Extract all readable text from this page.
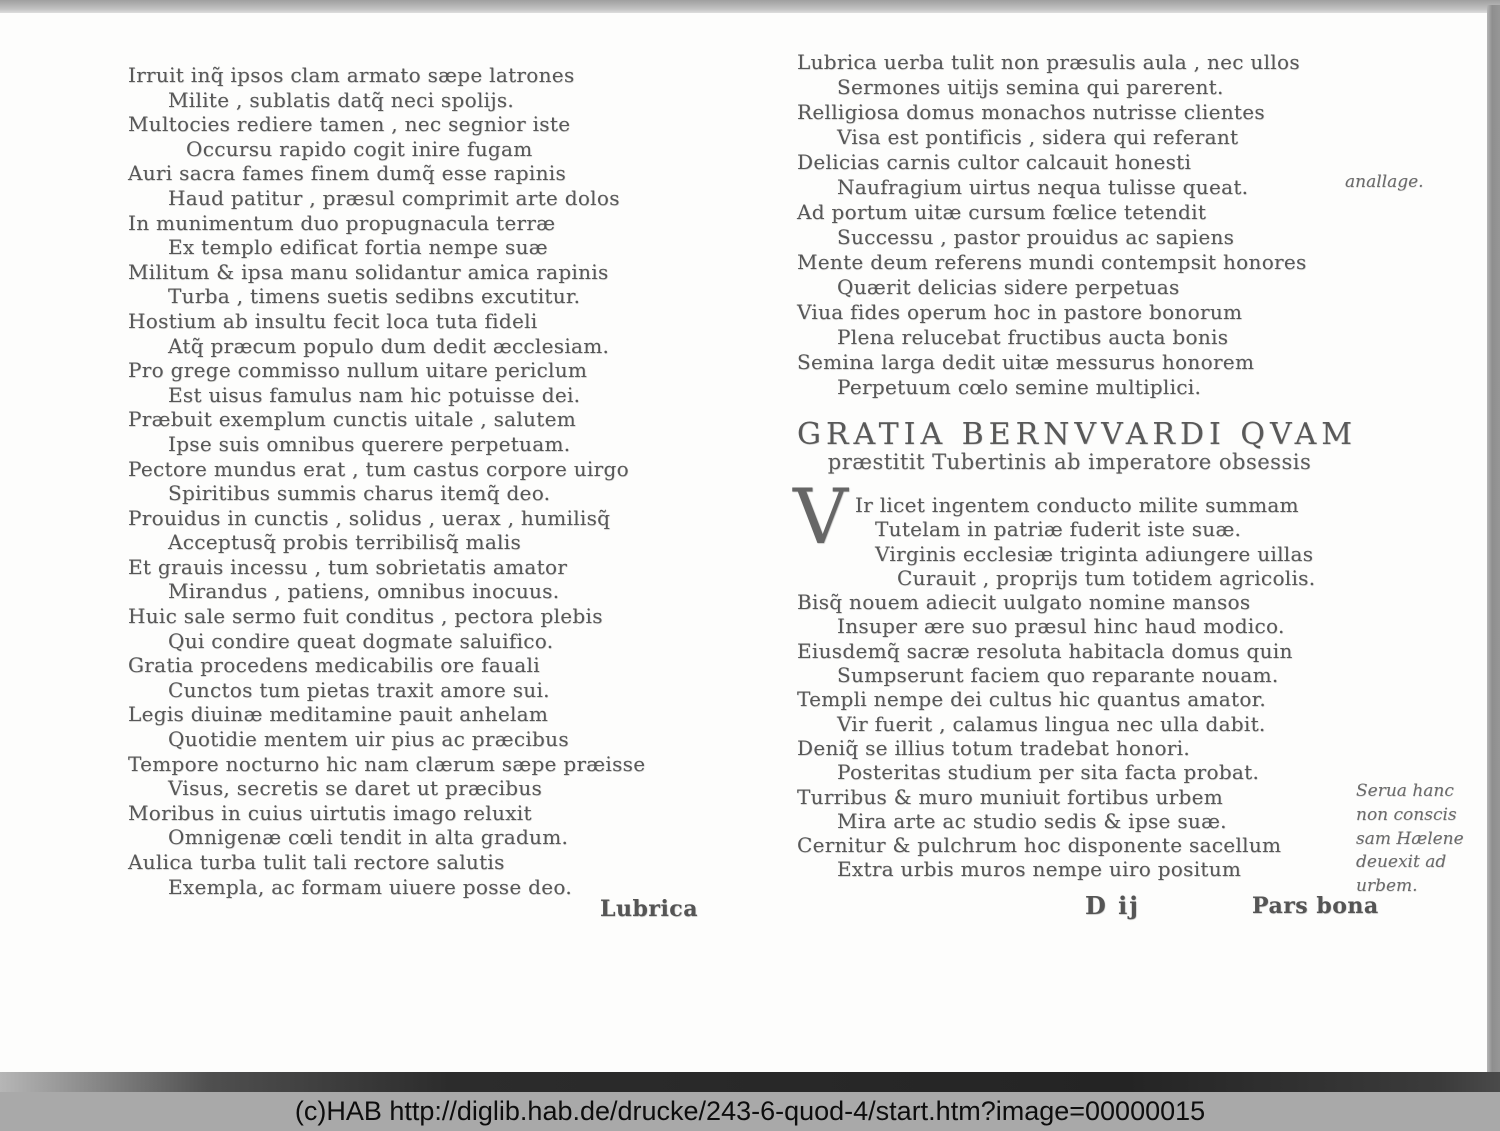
Irruit inq̃ ipsos clam armato sæpe latrones
Milite , sublatis datq̃ neci spolijs.
Multocies rediere tamen , nec segnior iste
Occursu rapido cogit inire fugam
Auri sacra fames finem dumq̃ esse rapinis
Haud patitur , præsul comprimit arte dolos
In munimentum duo propugnacula terræ
Ex templo edificat fortia nempe suæ
Militum & ipsa manu solidantur amica rapinis
Turba , timens suetis sedibns excutitur.
Hostium ab insultu fecit loca tuta fideli
Atq̃ præcum populo dum dedit æcclesiam.
Pro grege commisso nullum uitare periclum
Est uisus famulus nam hic potuisse dei.
Præbuit exemplum cunctis uitale , salutem
Ipse suis omnibus querere perpetuam.
Pectore mundus erat , tum castus corpore uirgo
Spiritibus summis charus itemq̃ deo.
Prouidus in cunctis , solidus , uerax , humilisq̃
Acceptusq̃ probis terribilisq̃ malis
Et grauis incessu , tum sobrietatis amator
Mirandus , patiens, omnibus inocuus.
Huic sale sermo fuit conditus , pectora plebis
Qui condire queat dogmate saluifico.
Gratia procedens medicabilis ore fauali
Cunctos tum pietas traxit amore sui.
Legis diuinæ meditamine pauit anhelam
Quotidie mentem uir pius ac præcibus
Tempore nocturno hic nam clærum sæpe præisse
Visus, secretis se daret ut præcibus
Moribus in cuius uirtutis imago reluxit
Omnigenæ cœli tendit in alta gradum.
Aulica turba tulit tali rectore salutis
Exempla, ac formam uiuere posse deo.
Lubrica
Lubrica uerba tulit non præsulis aula , nec ullos
Sermones uitijs semina qui parerent.
Relligiosa domus monachos nutrisse clientes
Visa est pontificis , sidera qui referant
Delicias carnis cultor calcauit honesti
Naufragium uirtus nequa tulisse queat.
Ad portum uitæ cursum fœlice tetendit
Successu , pastor prouidus ac sapiens
Mente deum referens mundi contempsit honores
Quærit delicias sidere perpetuas
Viua fides operum hoc in pastore bonorum
Plena relucebat fructibus aucta bonis
Semina larga dedit uitæ messurus honorem
Perpetuum cœlo semine multiplici.
GRATIA BERNVVARDI QVAM
præstitit Tubertinis ab imperatore obsessis
V Ir licet ingentem conducto milite summam
Tutelam in patriæ fuderit iste suæ.
Virginis ecclesiæ triginta adiungere uillas
Curauit , proprijs tum totidem agricolis.
Bisq̃ nouem adiecit uulgato nomine mansos
Insuper ære suo præsul hinc haud modico.
Eiusdemq̃ sacræ resoluta habitacla domus quin
Sumpserunt faciem quo reparante nouam.
Templi nempe dei cultus hic quantus amator.
Vir fuerit , calamus lingua nec ulla dabit.
Deniq̃ se illius totum tradebat honori.
Posteritas studium per sita facta probat.
Turribus & muro muniuit fortibus urbem
Mira arte ac studio sedis & ipse suæ.
Cernitur & pulchrum hoc disponente sacellum
Extra urbis muros nempe uiro positum
D ij	Pars bona
anallage.
Serua hanc
non conscis
sam Hælene
deuexit ad
urbem.
(c)HAB http://diglib.hab.de/drucke/243-6-quod-4/start.htm?image=00000015
